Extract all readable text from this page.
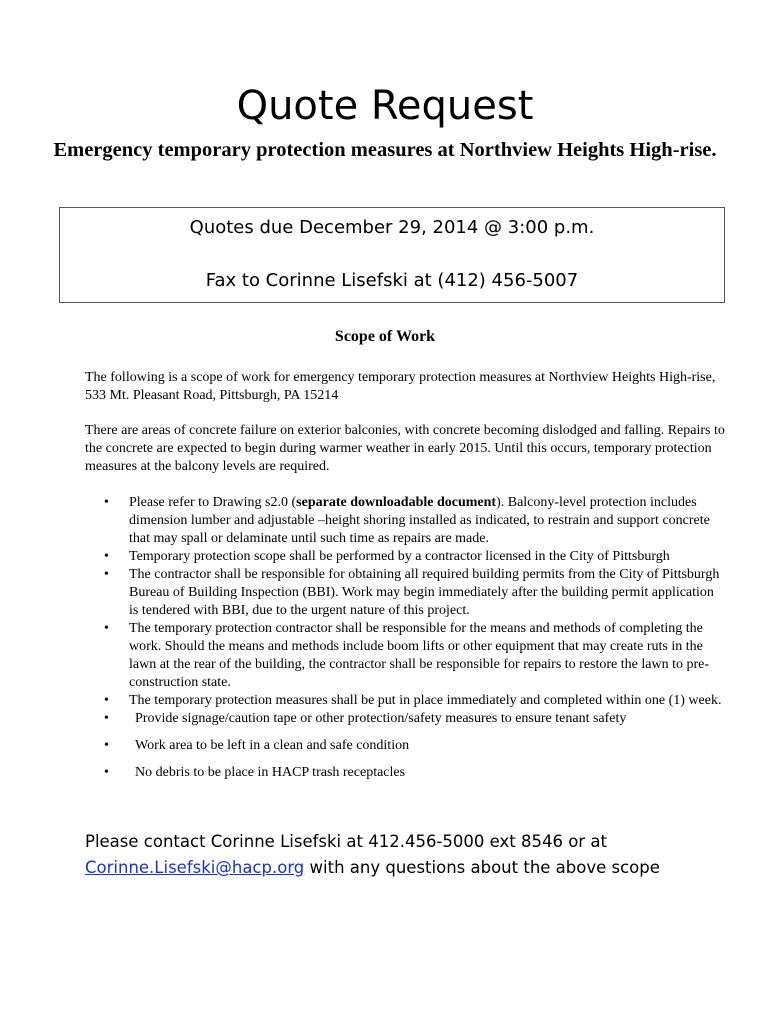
Quote Request
Emergency temporary protection measures at Northview Heights High-rise.

Quotes due December 29, 2014 @ 3:00 p.m.

Fax to Corinne Lisefski at (412) 456-5007

Scope of Work

The following is a scope of work for emergency temporary protection measures at Northview Heights High-rise, 533 Mt. Pleasant Road, Pittsburgh, PA 15214

There are areas of concrete failure on exterior balconies, with concrete becoming dislodged and falling. Repairs to the concrete are expected to begin during warmer weather in early 2015. Until this occurs, temporary protection measures at the balcony levels are required.

• Please refer to Drawing s2.0 (separate downloadable document). Balcony-level protection includes dimension lumber and adjustable –height shoring installed as indicated, to restrain and support concrete that may spall or delaminate until such time as repairs are made.
• Temporary protection scope shall be performed by a contractor licensed in the City of Pittsburgh
• The contractor shall be responsible for obtaining all required building permits from the City of Pittsburgh Bureau of Building Inspection (BBI). Work may begin immediately after the building permit application is tendered with BBI, due to the urgent nature of this project.
• The temporary protection contractor shall be responsible for the means and methods of completing the work. Should the means and methods include boom lifts or other equipment that may create ruts in the lawn at the rear of the building, the contractor shall be responsible for repairs to restore the lawn to pre-construction state.
• The temporary protection measures shall be put in place immediately and completed within one (1) week.
• Provide signage/caution tape or other protection/safety measures to ensure tenant safety
• Work area to be left in a clean and safe condition
• No debris to be place in HACP trash receptacles

Please contact Corinne Lisefski at 412.456-5000 ext 8546 or at
Corinne.Lisefski@hacp.org with any questions about the above scope
